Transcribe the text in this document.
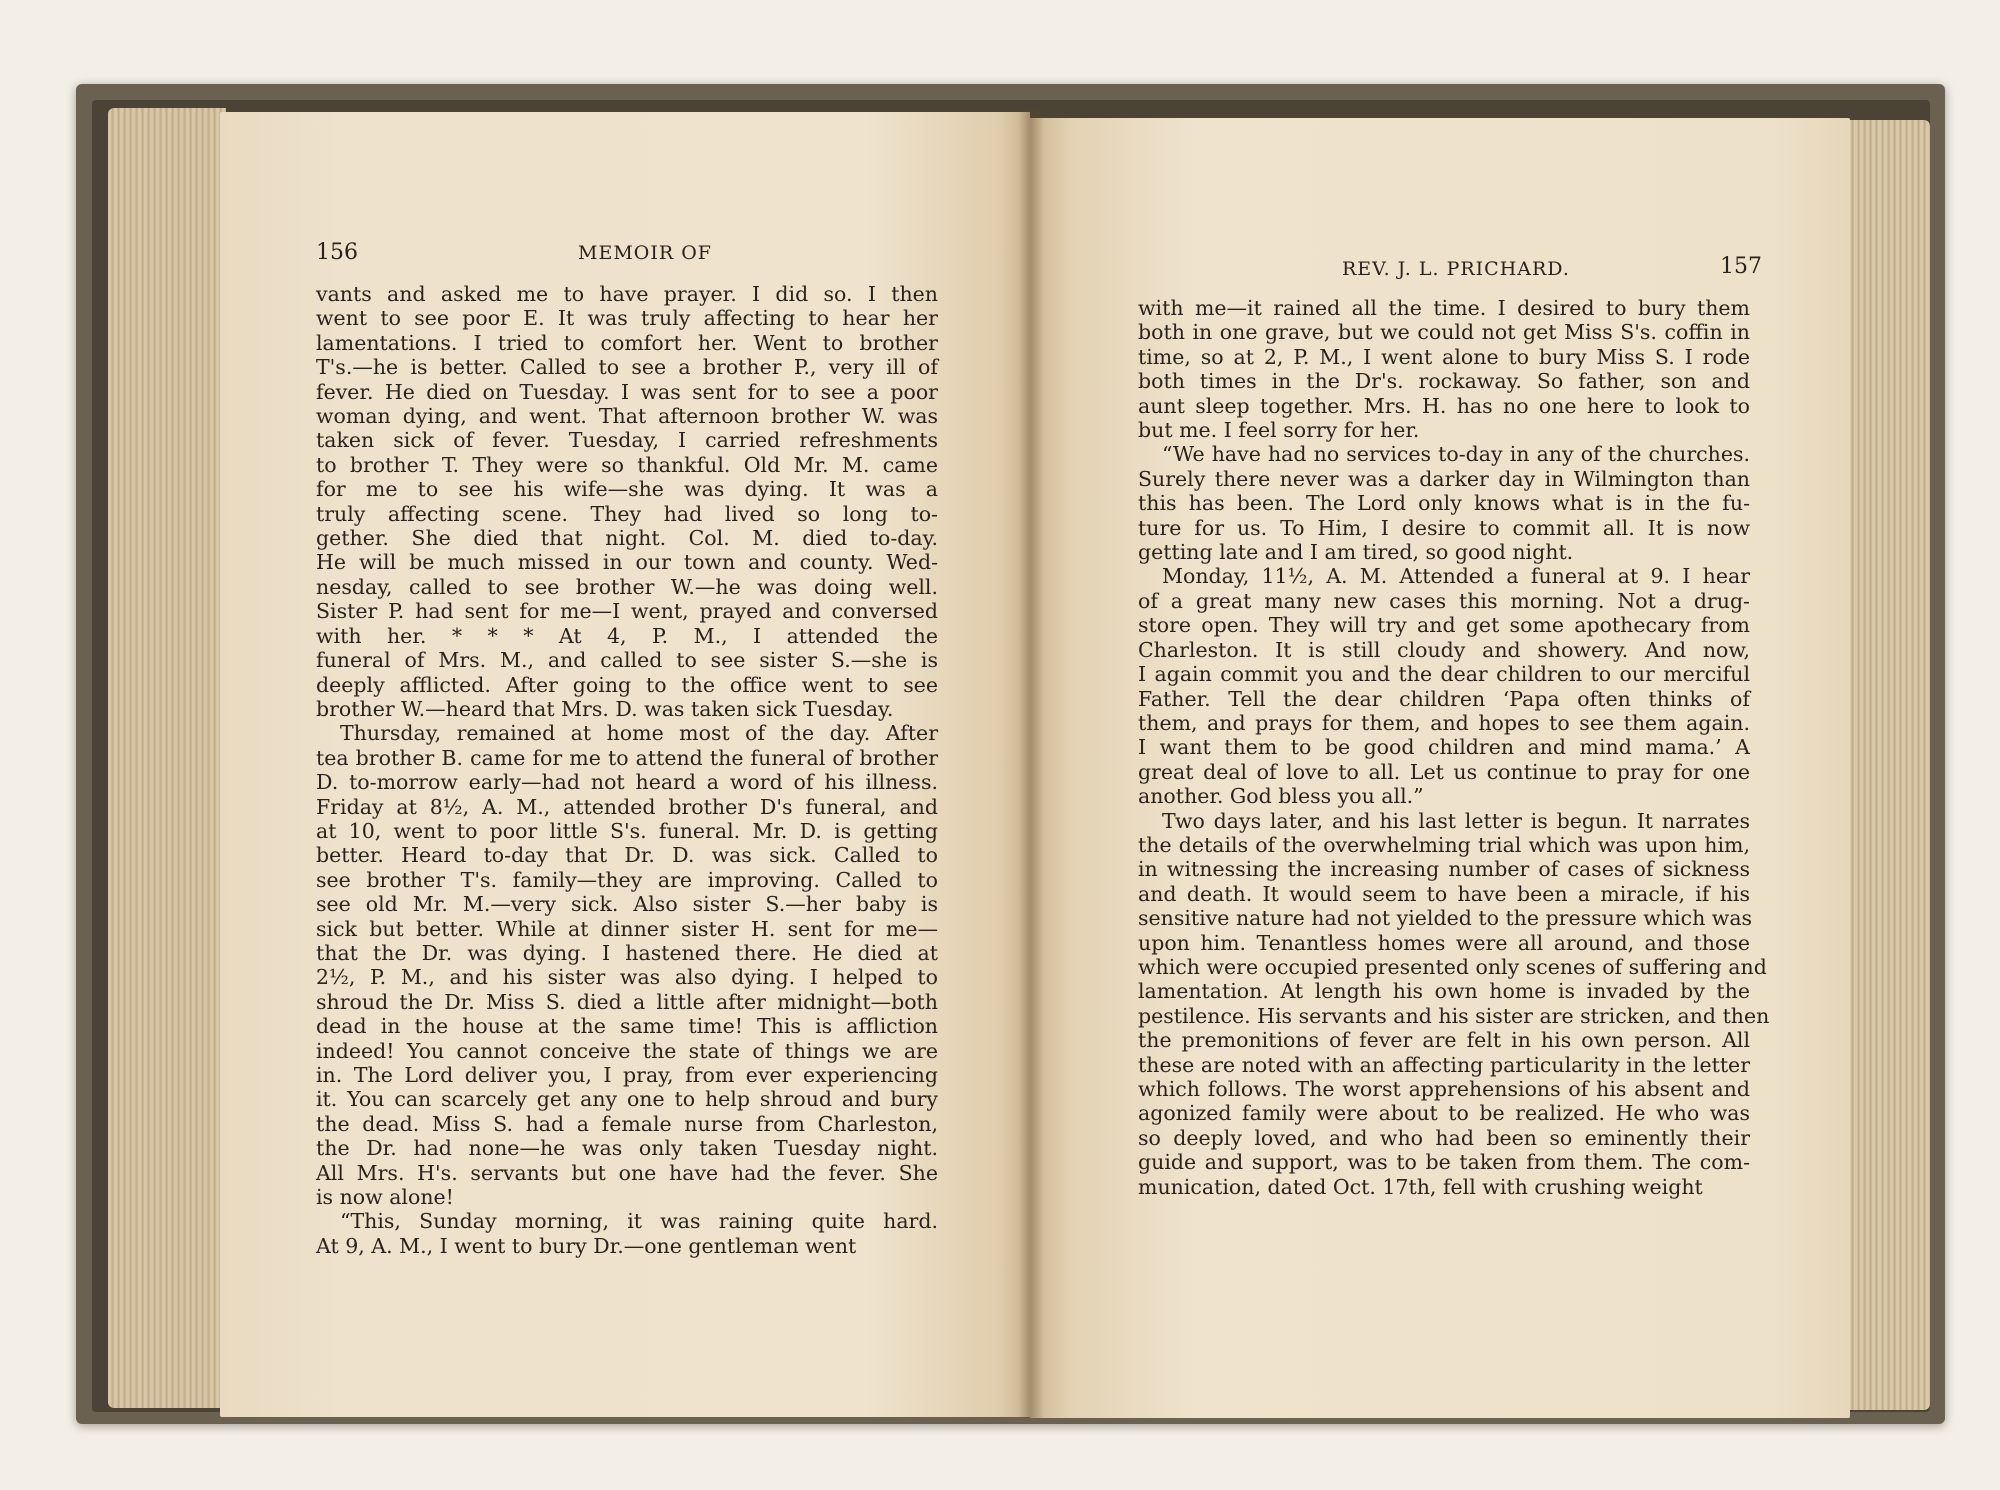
156	MEMOIR OF
vants and asked me to have prayer. I did so. I then
went to see poor E. It was truly affecting to hear her
lamentations. I tried to comfort her. Went to brother
T's.—he is better. Called to see a brother P., very ill of
fever. He died on Tuesday. I was sent for to see a poor
woman dying, and went. That afternoon brother W. was
taken sick of fever. Tuesday, I carried refreshments
to brother T. They were so thankful. Old Mr. M. came
for me to see his wife—she was dying. It was a
truly affecting scene. They had lived so long to-
gether. She died that night. Col. M. died to-day.
He will be much missed in our town and county. Wed-
nesday, called to see brother W.—he was doing well.
Sister P. had sent for me—I went, prayed and conversed
with her. * * * At 4, P. M., I attended the
funeral of Mrs. M., and called to see sister S.—she is
deeply afflicted. After going to the office went to see
brother W.—heard that Mrs. D. was taken sick Tuesday.
Thursday, remained at home most of the day. After
tea brother B. came for me to attend the funeral of brother
D. to-morrow early—had not heard a word of his illness.
Friday at 8½, A. M., attended brother D's funeral, and
at 10, went to poor little S's. funeral. Mr. D. is getting
better. Heard to-day that Dr. D. was sick. Called to
see brother T's. family—they are improving. Called to
see old Mr. M.—very sick. Also sister S.—her baby is
sick but better. While at dinner sister H. sent for me—
that the Dr. was dying. I hastened there. He died at
2½, P. M., and his sister was also dying. I helped to
shroud the Dr. Miss S. died a little after midnight—both
dead in the house at the same time! This is affliction
indeed! You cannot conceive the state of things we are
in. The Lord deliver you, I pray, from ever experiencing
it. You can scarcely get any one to help shroud and bury
the dead. Miss S. had a female nurse from Charleston,
the Dr. had none—he was only taken Tuesday night.
All Mrs. H's. servants but one have had the fever. She
is now alone!
“This, Sunday morning, it was raining quite hard.
At 9, A. M., I went to bury Dr.—one gentleman went
REV. J. L. PRICHARD.	157
with me—it rained all the time. I desired to bury them
both in one grave, but we could not get Miss S's. coffin in
time, so at 2, P. M., I went alone to bury Miss S. I rode
both times in the Dr's. rockaway. So father, son and
aunt sleep together. Mrs. H. has no one here to look to
but me. I feel sorry for her.
“We have had no services to-day in any of the churches.
Surely there never was a darker day in Wilmington than
this has been. The Lord only knows what is in the fu-
ture for us. To Him, I desire to commit all. It is now
getting late and I am tired, so good night.
Monday, 11½, A. M. Attended a funeral at 9. I hear
of a great many new cases this morning. Not a drug-
store open. They will try and get some apothecary from
Charleston. It is still cloudy and showery. And now,
I again commit you and the dear children to our merciful
Father. Tell the dear children ‘Papa often thinks of
them, and prays for them, and hopes to see them again.
I want them to be good children and mind mama.’ A
great deal of love to all. Let us continue to pray for one
another. God bless you all.”
Two days later, and his last letter is begun. It narrates
the details of the overwhelming trial which was upon him,
in witnessing the increasing number of cases of sickness
and death. It would seem to have been a miracle, if his
sensitive nature had not yielded to the pressure which was
upon him. Tenantless homes were all around, and those
which were occupied presented only scenes of suffering and
lamentation. At length his own home is invaded by the
pestilence. His servants and his sister are stricken, and then
the premonitions of fever are felt in his own person. All
these are noted with an affecting particularity in the letter
which follows. The worst apprehensions of his absent and
agonized family were about to be realized. He who was
so deeply loved, and who had been so eminently their
guide and support, was to be taken from them. The com-
munication, dated Oct. 17th, fell with crushing weight
